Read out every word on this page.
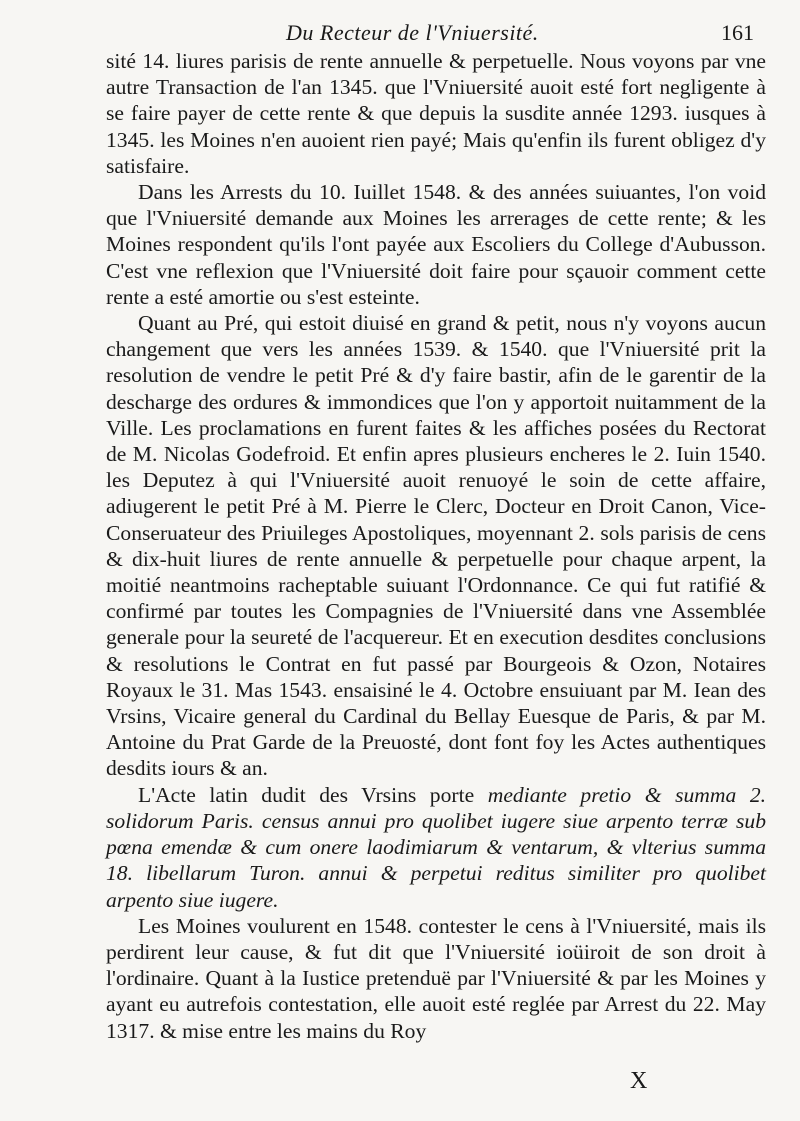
Du Recteur de l'Vniuersité.	161

sité 14. liures parisis de rente annuelle & perpetuelle. Nous voyons par vne autre Transaction de l'an 1345. que l'Vniuersité auoit esté fort negligente à se faire payer de cette rente & que depuis la susdite année 1293. iusques à 1345. les Moines n'en auoient rien payé; Mais qu'enfin ils furent obligez d'y satisfaire.

Dans les Arrests du 10. Iuillet 1548. & des années suiuantes, l'on void que l'Vniuersité demande aux Moines les arrerages de cette rente; & les Moines respondent qu'ils l'ont payée aux Escoliers du College d'Aubusson. C'est vne reflexion que l'Vniuersité doit faire pour sçauoir comment cette rente a esté amortie ou s'est esteinte.

Quant au Pré, qui estoit diuisé en grand & petit, nous n'y voyons aucun changement que vers les années 1539. & 1540. que l'Vniuersité prit la resolution de vendre le petit Pré & d'y faire bastir, afin de le garentir de la descharge des ordures & immondices que l'on y apportoit nuitamment de la Ville. Les proclamations en furent faites & les affiches posées du Rectorat de M. Nicolas Godefroid. Et enfin apres plusieurs encheres le 2. Iuin 1540. les Deputez à qui l'Vniuersité auoit renuoyé le soin de cette affaire, adiugerent le petit Pré à M. Pierre le Clerc, Docteur en Droit Canon, Vice-Conseruateur des Priuileges Apostoliques, moyennant 2. sols parisis de cens & dix-huit liures de rente annuelle & perpetuelle pour chaque arpent, la moitié neantmoins racheptable suiuant l'Ordonnance. Ce qui fut ratifié & confirmé par toutes les Compagnies de l'Vniuersité dans vne Assemblée generale pour la seureté de l'acquereur. Et en execution desdites conclusions & resolutions le Contrat en fut passé par Bourgeois & Ozon, Notaires Royaux le 31. Mas 1543. ensaisiné le 4. Octobre ensuiuant par M. Iean des Vrsins, Vicaire general du Cardinal du Bellay Euesque de Paris, & par M. Antoine du Prat Garde de la Preuosté, dont font foy les Actes authentiques desdits iours & an.

L'Acte latin dudit des Vrsins porte mediante pretio & summa 2. solidorum Paris. census annui pro quolibet iugere siue arpento terræ sub pœna emendæ & cum onere laodimiarum & ventarum, & vlterius summa 18. libellarum Turon. annui & perpetui reditus similiter pro quolibet arpento siue iugere.

Les Moines voulurent en 1548. contester le cens à l'Vniuersité, mais ils perdirent leur cause, & fut dit que l'Vniuersité ioüiroit de son droit à l'ordinaire. Quant à la Iustice pretenduë par l'Vniuersité & par les Moines y ayant eu autrefois contestation, elle auoit esté reglée par Arrest du 22. May 1317. & mise entre les mains du Roy

X
